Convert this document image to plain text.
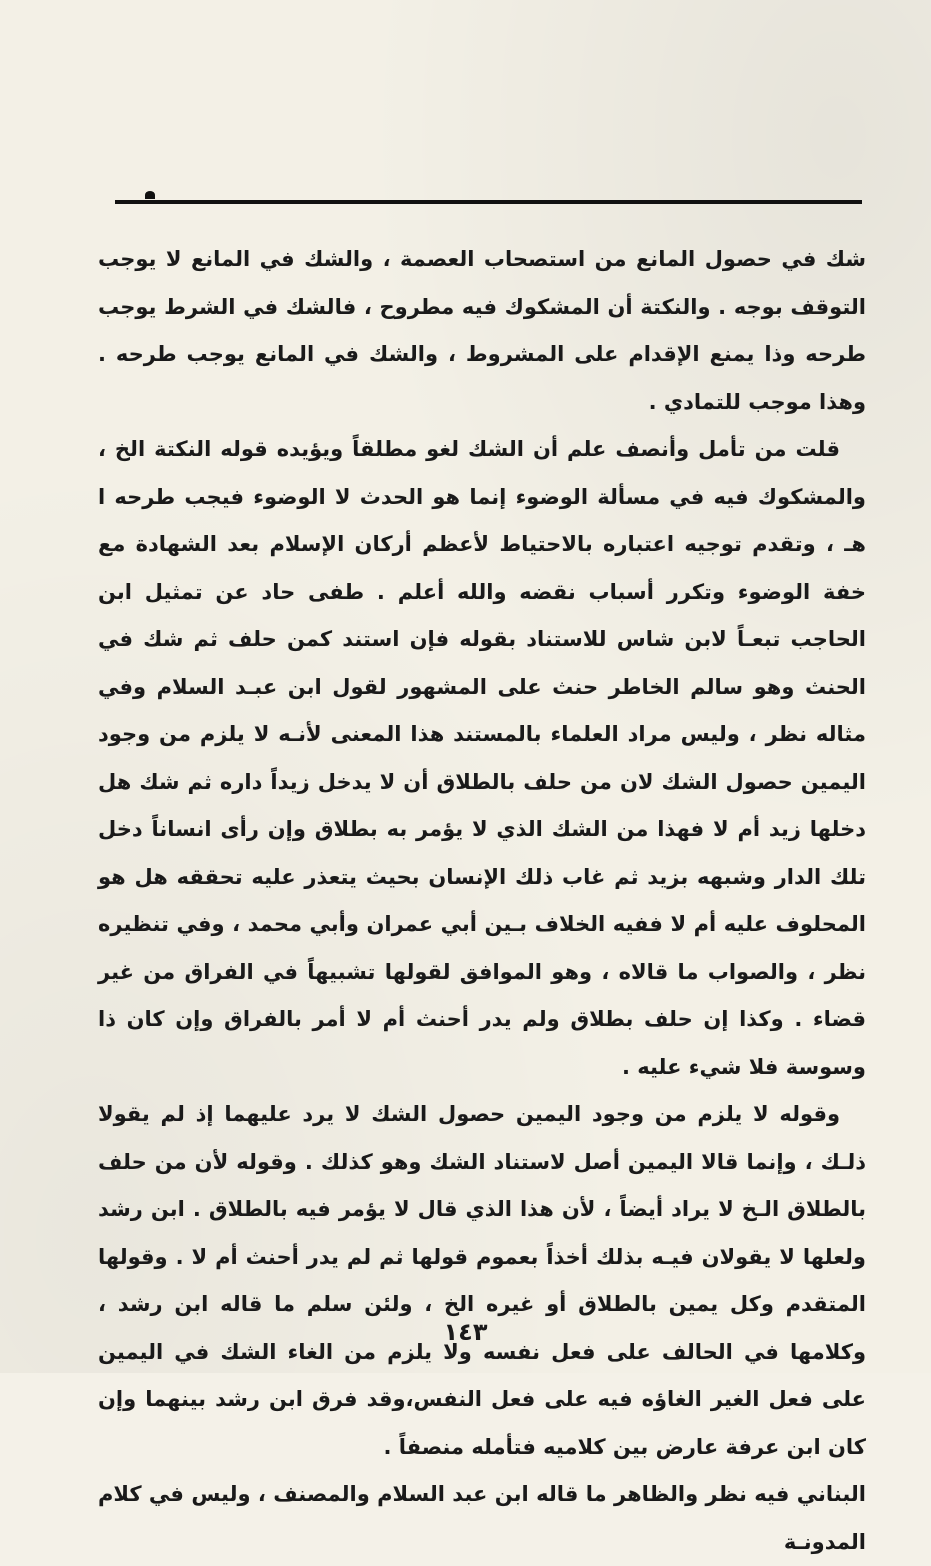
شك في حصول المانع من استصحاب العصمة ، والشك في المانع لا يوجب التوقف بوجه . والنكتة أن المشكوك فيه مطروح ، فالشك في الشرط يوجب طرحه وذا يمنع الإقدام على المشروط ، والشك في المانع يوجب طرحه . وهذا موجب للتمادي .

قلت من تأمل وأنصف علم أن الشك لغو مطلقاً ويؤيده قوله النكتة الخ ، والمشكوك فيه في مسألة الوضوء إنما هو الحدث لا الوضوء فيجب طرحه ا هـ ، وتقدم توجيه اعتباره بالاحتياط لأعظم أركان الإسلام بعد الشهادة مع خفة الوضوء وتكرر أسباب نقضه والله أعلم . طفى حاد عن تمثيل ابن الحاجب تبعـاً لابن شاس للاستناد بقوله فإن استند كمن حلف ثم شك في الحنث وهو سالم الخاطر حنث على المشهور لقول ابن عبـد السلام وفي مثاله نظر ، وليس مراد العلماء بالمستند هذا المعنى لأنـه لا يلزم من وجود اليمين حصول الشك لان من حلف بالطلاق أن لا يدخل زيداً داره ثم شك هل دخلها زيد أم لا فهذا من الشك الذي لا يؤمر به بطلاق وإن رأى انساناً دخل تلك الدار وشبهه بزيد ثم غاب ذلك الإنسان بحيث يتعذر عليه تحققه هل هو المحلوف عليه أم لا ففيه الخلاف بـين أبي عمران وأبي محمد ، وفي تنظيره نظر ، والصواب ما قالاه ، وهو الموافق لقولها تشبيهاً في الفراق من غير قضاء . وكذا إن حلف بطلاق ولم يدر أحنث أم لا أمر بالفراق وإن كان ذا وسوسة فلا شيء عليه .

وقوله لا يلزم من وجود اليمين حصول الشك لا يرد عليهما إذ لم يقولا ذلـك ، وإنما قالا اليمين أصل لاستناد الشك وهو كذلك . وقوله لأن من حلف بالطلاق الـخ لا يراد أيضاً ، لأن هذا الذي قال لا يؤمر فيه بالطلاق . ابن رشد ولعلها لا يقولان فيـه بذلك أخذاً بعموم قولها ثم لم يدر أحنث أم لا . وقولها المتقدم وكل يمين بالطلاق أو غيره الخ ، ولئن سلم ما قاله ابن رشد ، وكلامها في الحالف على فعل نفسه ولا يلزم من الغاء الشك في اليمين على فعل الغير الغاؤه فيه على فعل النفس،وقد فرق ابن رشد بينهما وإن كان ابن عرفة عارض بين كلاميه فتأمله منصفاً .

البناني فيه نظر والظاهر ما قاله ابن عبد السلام والمصنف ، وليس في كلام المدونـة

١٤٣
